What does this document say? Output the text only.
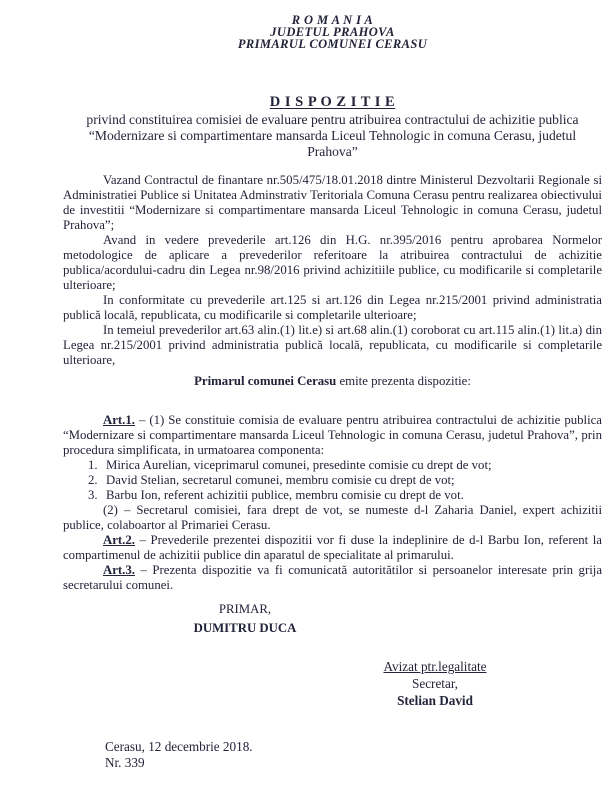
R O M A N I A
JUDETUL PRAHOVA
PRIMARUL COMUNEI CERASU
D I S P O Z I T I E

privind constituirea comisiei de evaluare pentru atribuirea contractului de achizitie publica “Modernizare si compartimentare mansarda Liceul Tehnologic in comuna Cerasu, judetul Prahova”

Vazand Contractul de finantare nr.505/475/18.01.2018 dintre Ministerul Dezvoltarii Regionale si Administratiei Publice si Unitatea Adminstrativ Teritoriala Comuna Cerasu pentru realizarea obiectivului de investitii “Modernizare si compartimentare mansarda Liceul Tehnologic in comuna Cerasu, judetul Prahova”;

Avand in vedere prevederile art.126 din H.G. nr.395/2016 pentru aprobarea Normelor metodologice de aplicare a prevederilor referitoare la atribuirea contractului de achizitie publica/acordului-cadru din Legea nr.98/2016 privind achizitiile publice, cu modificarile si completarile ulterioare;

In conformitate cu prevederile art.125 si art.126 din Legea nr.215/2001 privind administratia publică locală, republicata, cu modificarile si completarile ulterioare;

In temeiul prevederilor art.63 alin.(1) lit.e) si art.68 alin.(1) coroborat cu art.115 alin.(1) lit.a) din Legea nr.215/2001 privind administratia publică locală, republicata, cu modificarile si completarile ulterioare,

Primarul comunei Cerasu emite prezenta dispozitie:

Art.1. – (1) Se constituie comisia de evaluare pentru atribuirea contractului de achizitie publica “Modernizare si compartimentare mansarda Liceul Tehnologic in comuna Cerasu, judetul Prahova”, prin procedura simplificata, in urmatoarea componenta:

1. Mirica Aurelian, viceprimarul comunei, presedinte comisie cu drept de vot;
2. David Stelian, secretarul comunei, membru comisie cu drept de vot;
3. Barbu Ion, referent achizitii publice, membru comisie cu drept de vot.

(2) – Secretarul comisiei, fara drept de vot, se numeste d-l Zaharia Daniel, expert achizitii publice, colaboartor al Primariei Cerasu.

Art.2. – Prevederile prezentei dispozitii vor fi duse la indeplinire de d-l Barbu Ion, referent la compartimenul de achizitii publice din aparatul de specialitate al primarului.

Art.3. – Prezenta dispozitie va fi comunicată autoritătilor si persoanelor interesate prin grija secretarului comunei.

PRIMAR,
DUMITRU DUCA
Avizat ptr.legalitate
Secretar,
Stelian David
Cerasu, 12 decembrie 2018.
Nr. 339
